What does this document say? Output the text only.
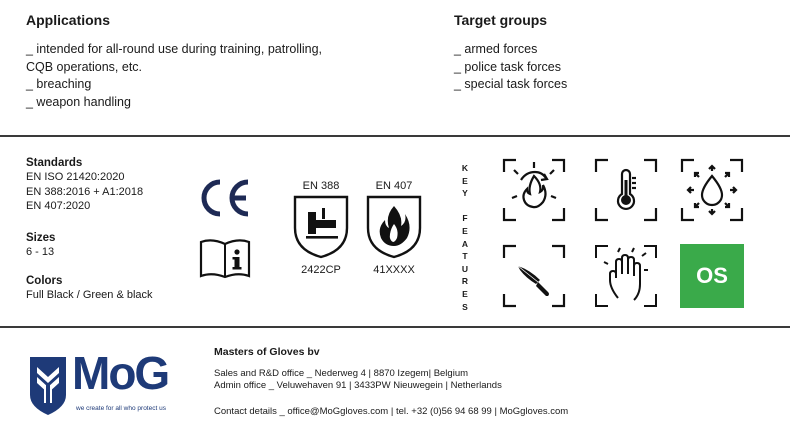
Applications
_ intended for all-round use during training, patrolling,
CQB operations, etc.
_ breaching
_ weapon handling
Target groups
_ armed forces
_ police task forces
_ special task forces
Standards
EN ISO 21420:2020
EN 388:2016 + A1:2018
EN 407:2020
Sizes
6 - 13
Colors
Full Black / Green & black
EN 388
2422CP
EN 407
41XXXX
K
E
Y
F
E
A
T
U
R
E
S
OS
MoG
we create for all who protect us
Masters of Gloves bv
Sales and R&D office _ Nederweg 4 | 8870 Izegem| Belgium
Admin office _ Veluwehaven 91 | 3433PW Nieuwegein | Netherlands
Contact details _ office@MoGgloves.com | tel. +32 (0)56 94 68 99 | MoGgloves.com
